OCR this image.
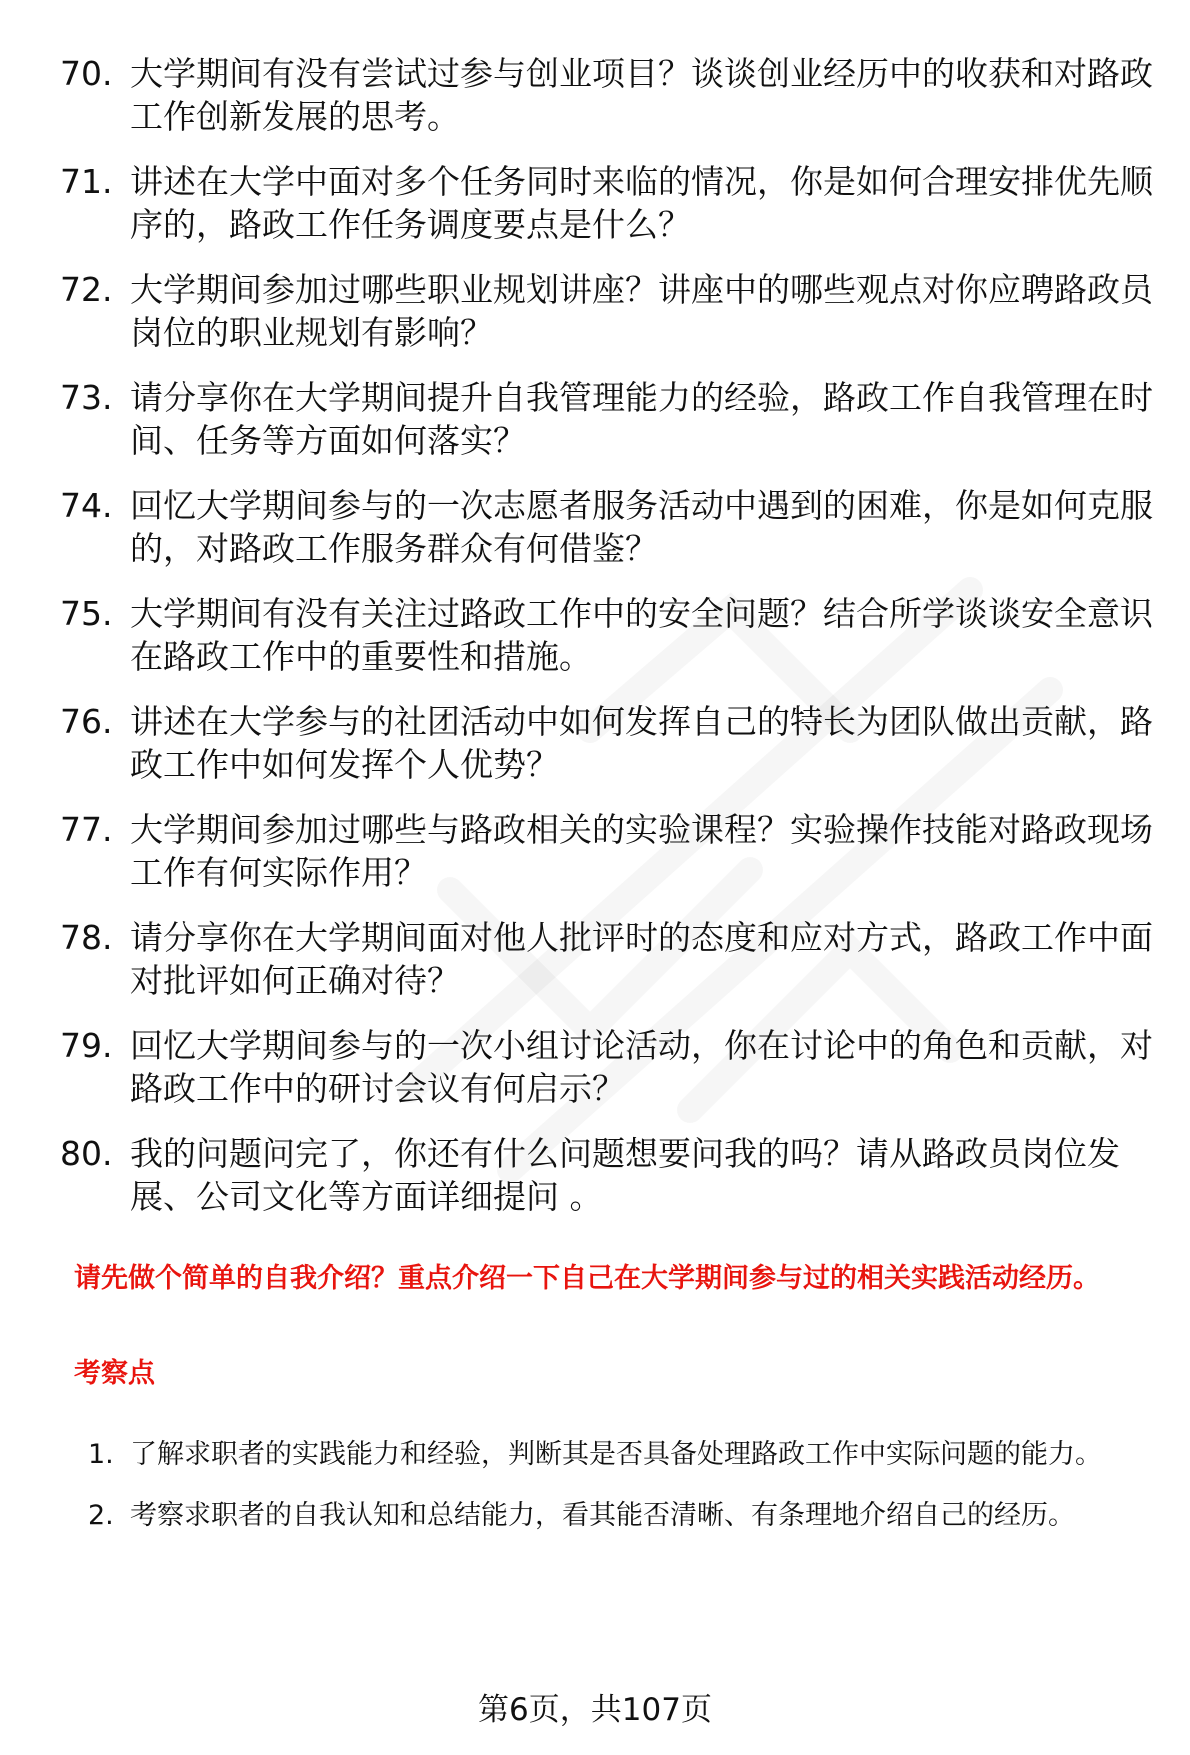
70. 大学期间有没有尝试过参与创业项目？谈谈创业经历中的收获和对路政工作创新发展的思考。
71. 讲述在大学中面对多个任务同时来临的情况，你是如何合理安排优先顺序的，路政工作任务调度要点是什么？
72. 大学期间参加过哪些职业规划讲座？讲座中的哪些观点对你应聘路政员岗位的职业规划有影响？
73. 请分享你在大学期间提升自我管理能力的经验，路政工作自我管理在时间、任务等方面如何落实？
74. 回忆大学期间参与的一次志愿者服务活动中遇到的困难，你是如何克服的，对路政工作服务群众有何借鉴？
75. 大学期间有没有关注过路政工作中的安全问题？结合所学谈谈安全意识在路政工作中的重要性和措施。
76. 讲述在大学参与的社团活动中如何发挥自己的特长为团队做出贡献，路政工作中如何发挥个人优势？
77. 大学期间参加过哪些与路政相关的实验课程？实验操作技能对路政现场工作有何实际作用？
78. 请分享你在大学期间面对他人批评时的态度和应对方式，路政工作中面对批评如何正确对待？
79. 回忆大学期间参与的一次小组讨论活动，你在讨论中的角色和贡献，对路政工作中的研讨会议有何启示？
80. 我的问题问完了，你还有什么问题想要问我的吗？请从路政员岗位发展、公司文化等方面详细提问 。

请先做个简单的自我介绍？重点介绍一下自己在大学期间参与过的相关实践活动经历。

考察点

1. 了解求职者的实践能力和经验，判断其是否具备处理路政工作中实际问题的能力。
2. 考察求职者的自我认知和总结能力，看其能否清晰、有条理地介绍自己的经历。
第6页，共107页
